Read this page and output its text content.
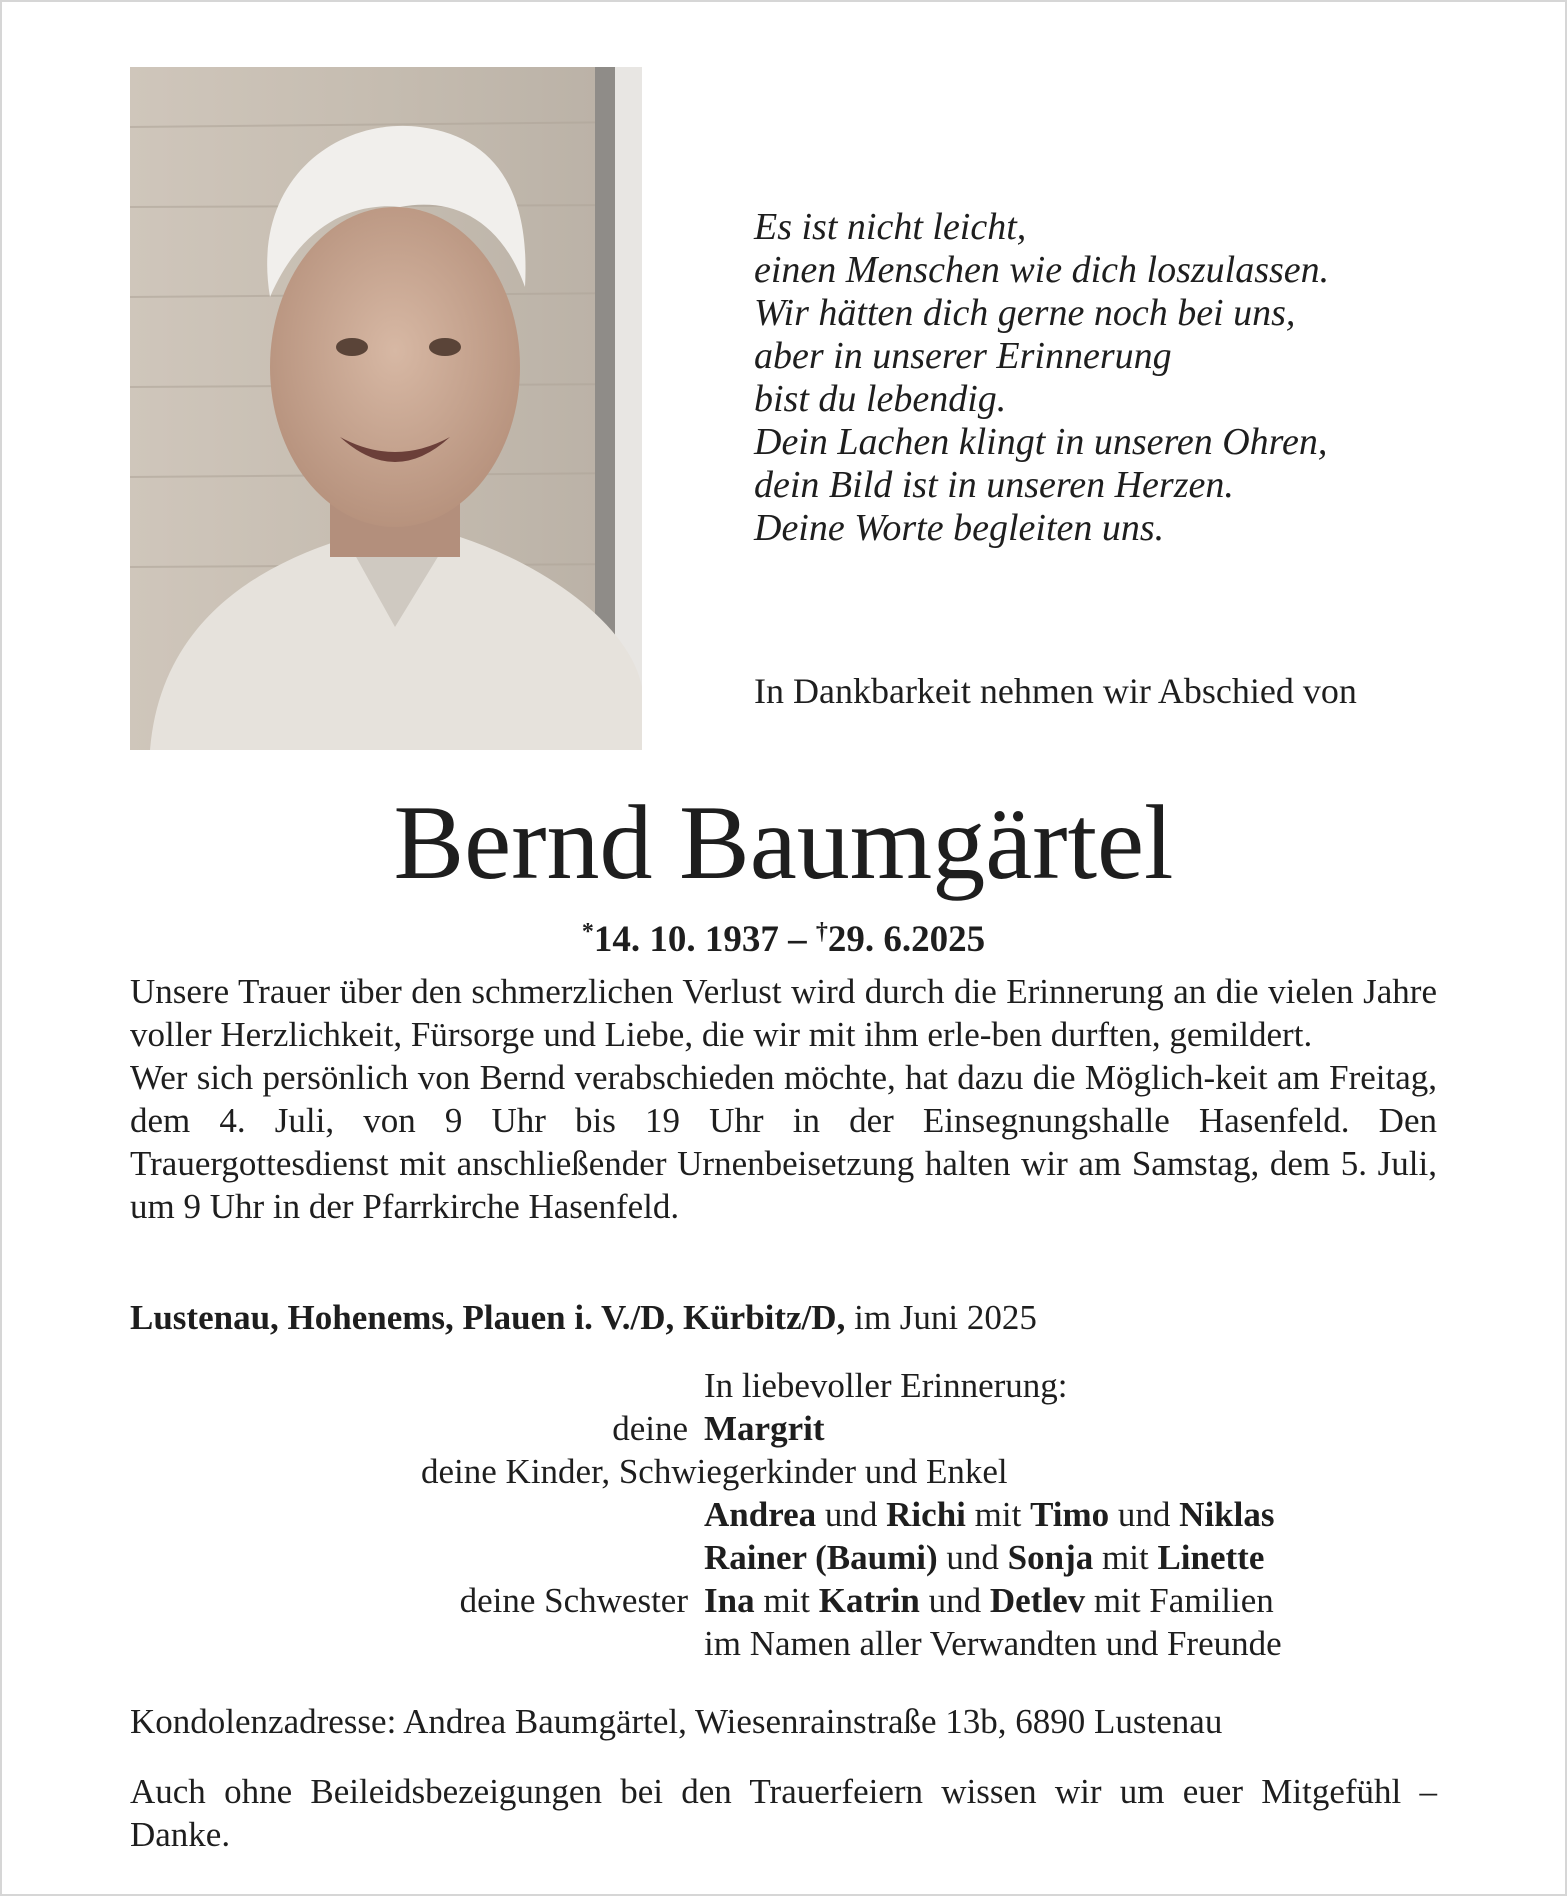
Es ist nicht leicht,
einen Menschen wie dich loszulassen.
Wir hätten dich gerne noch bei uns,
aber in unserer Erinnerung
bist du lebendig.
Dein Lachen klingt in unseren Ohren,
dein Bild ist in unseren Herzen.
Deine Worte begleiten uns.
In Dankbarkeit nehmen wir Abschied von
Bernd Baumgärtel
*14. 10. 1937 – †29. 6.2025
Unsere Trauer über den schmerzlichen Verlust wird durch die Erinnerung an die vielen Jahre voller Herzlichkeit, Fürsorge und Liebe, die wir mit ihm erle-ben durften, gemildert.
Wer sich persönlich von Bernd verabschieden möchte, hat dazu die Möglich-keit am Freitag, dem 4. Juli, von 9 Uhr bis 19 Uhr in der Einsegnungshalle Hasenfeld. Den Trauergottesdienst mit anschließender Urnenbeisetzung halten wir am Samstag, dem 5. Juli, um 9 Uhr in der Pfarrkirche Hasenfeld.
Lustenau, Hohenems, Plauen i. V./D, Kürbitz/D, im Juni 2025
In liebevoller Erinnerung:
deine Margrit
deine Kinder, Schwiegerkinder und Enkel
Andrea und Richi mit Timo und Niklas
Rainer (Baumi) und Sonja mit Linette
deine Schwester Ina mit Katrin und Detlev mit Familien
im Namen aller Verwandten und Freunde
Kondolenzadresse: Andrea Baumgärtel, Wiesenrainstraße 13b, 6890 Lustenau
Auch ohne Beileidsbezeigungen bei den Trauerfeiern wissen wir um euer Mitgefühl – Danke.
